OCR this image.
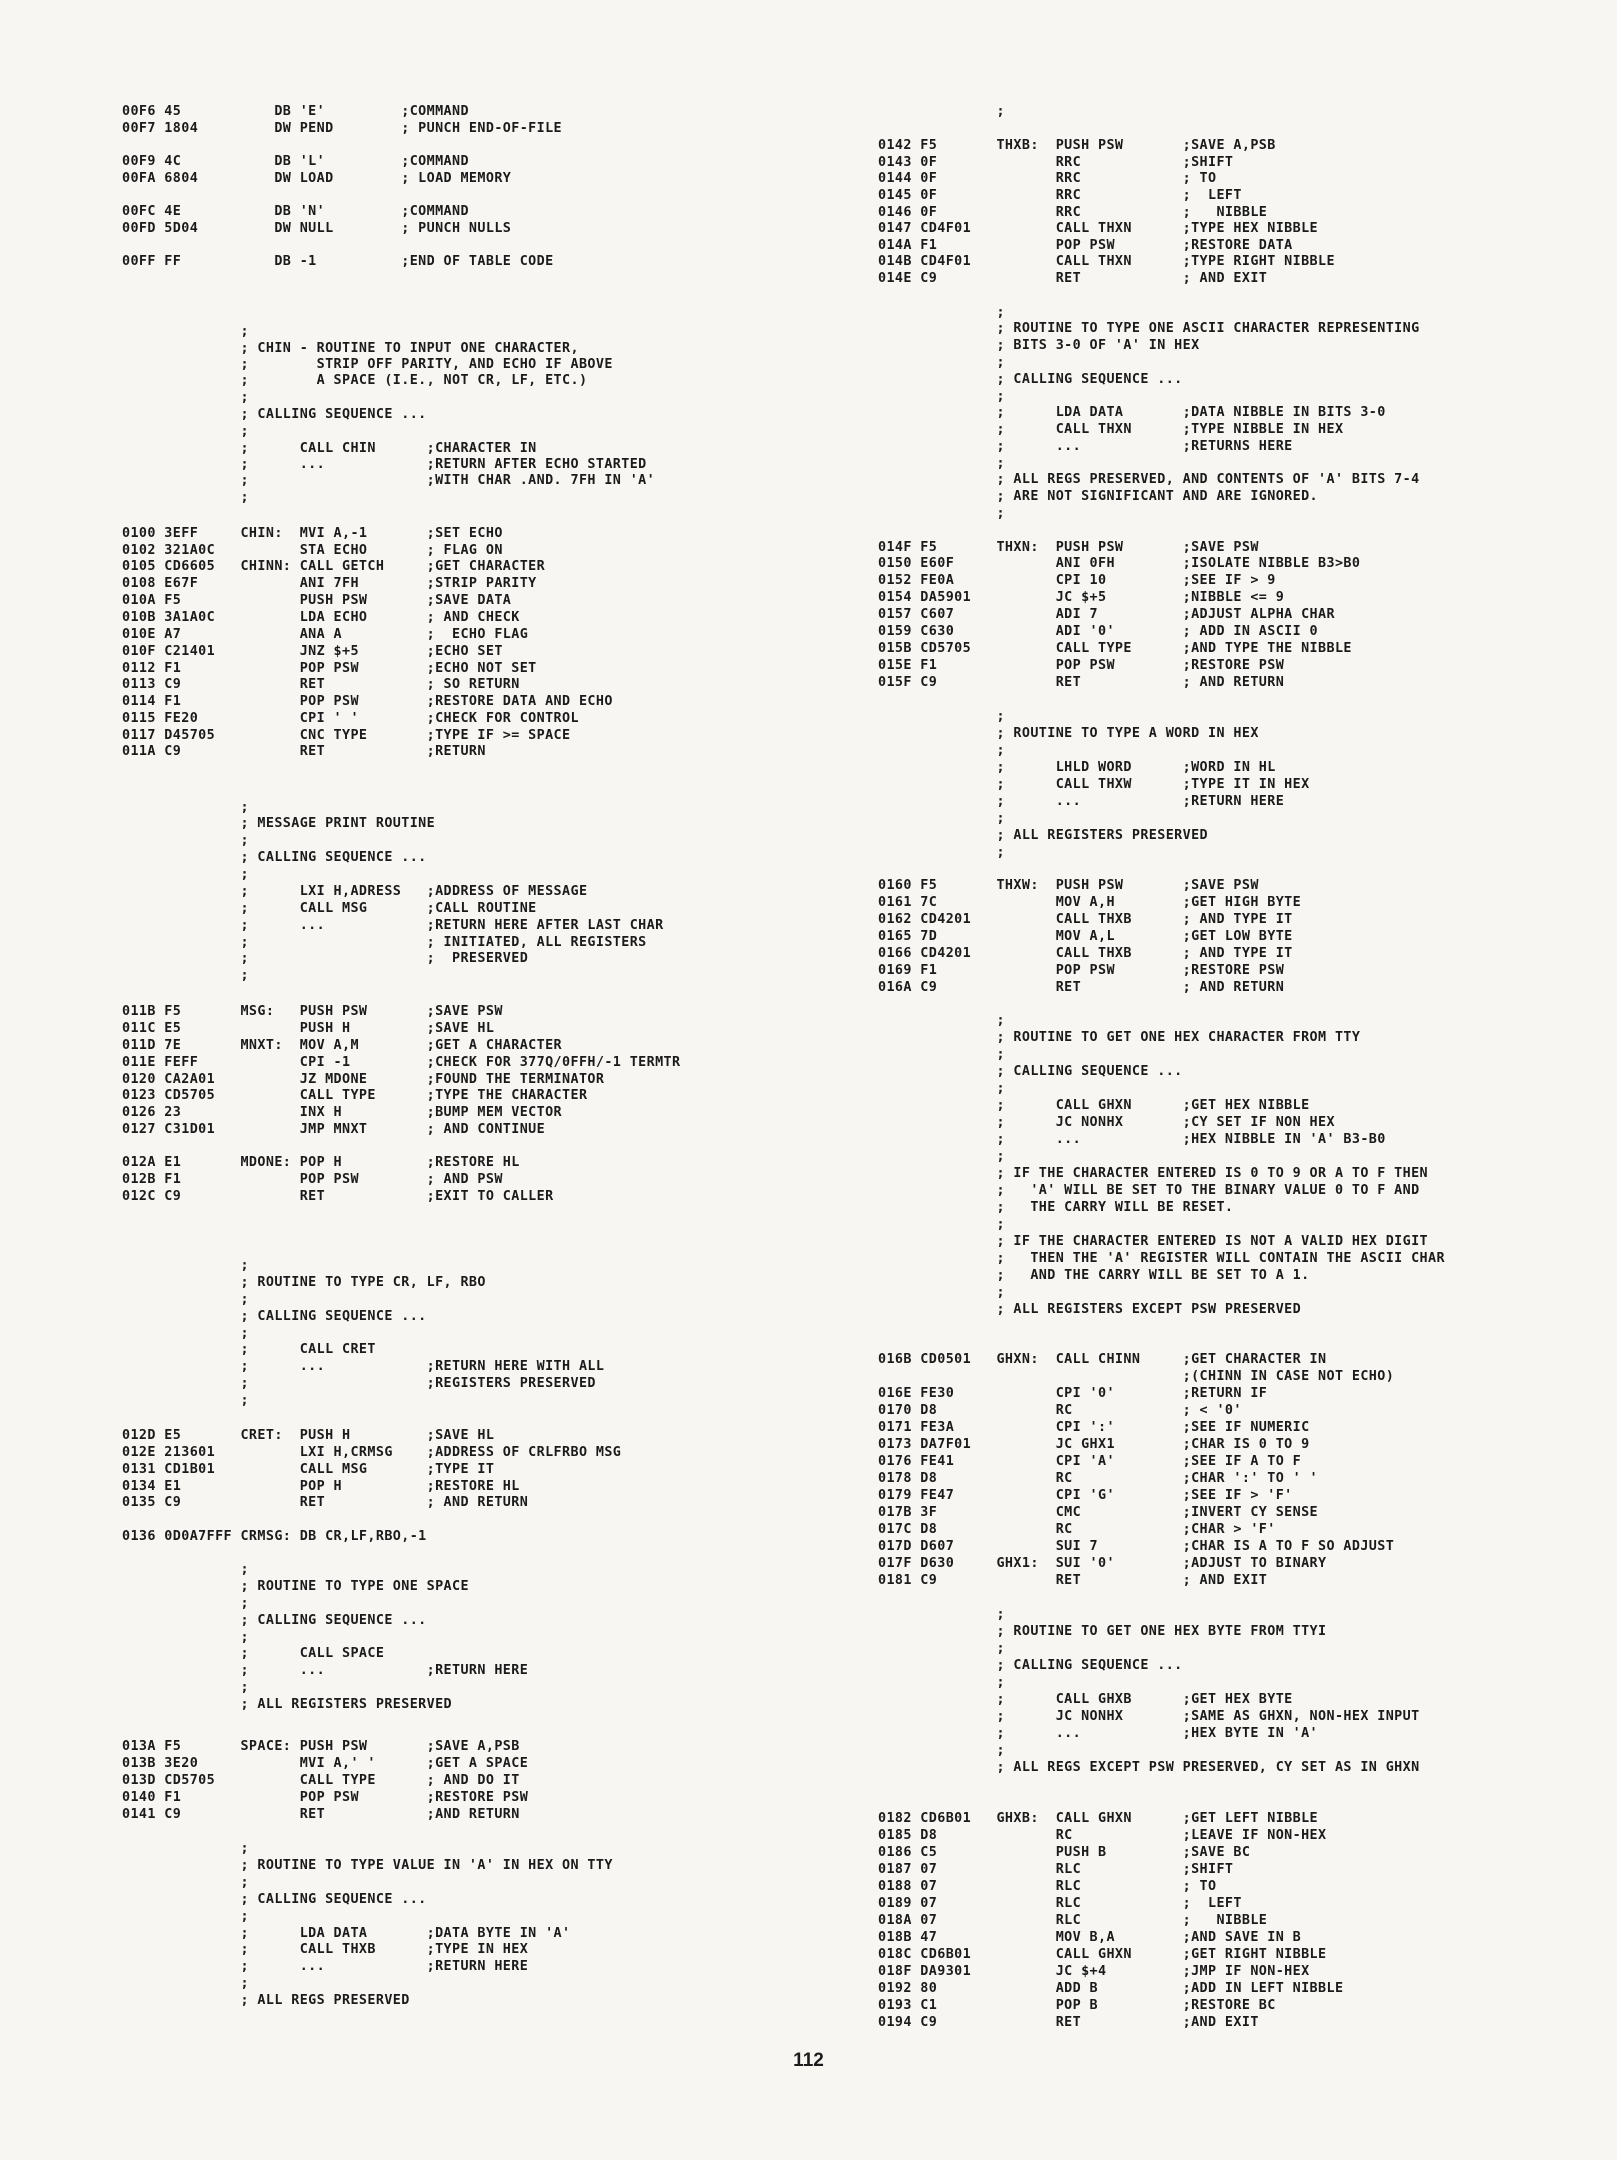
00F6 45           DB 'E'         ;COMMAND
00F7 1804         DW PEND        ; PUNCH END-OF-FILE
00F9 4C           DB 'L'         ;COMMAND
00FA 6804         DW LOAD        ; LOAD MEMORY
00FC 4E           DB 'N'         ;COMMAND
00FD 5D04         DW NULL        ; PUNCH NULLS
00FF FF           DB -1          ;END OF TABLE CODE
;
; CHIN - ROUTINE TO INPUT ONE CHARACTER,
;        STRIP OFF PARITY, AND ECHO IF ABOVE
;        A SPACE (I.E., NOT CR, LF, ETC.)
;
; CALLING SEQUENCE ...
;
;      CALL CHIN      ;CHARACTER IN
;      ...            ;RETURN AFTER ECHO STARTED
;                     ;WITH CHAR .AND. 7FH IN 'A'
;
0100 3EFF     CHIN:  MVI A,-1       ;SET ECHO
0102 321A0C          STA ECHO       ; FLAG ON
0105 CD6605   CHINN: CALL GETCH     ;GET CHARACTER
0108 E67F            ANI 7FH        ;STRIP PARITY
010A F5              PUSH PSW       ;SAVE DATA
010B 3A1A0C          LDA ECHO       ; AND CHECK
010E A7              ANA A          ;  ECHO FLAG
010F C21401          JNZ $+5        ;ECHO SET
0112 F1              POP PSW        ;ECHO NOT SET
0113 C9              RET            ; SO RETURN
0114 F1              POP PSW        ;RESTORE DATA AND ECHO
0115 FE20            CPI ' '        ;CHECK FOR CONTROL
0117 D45705          CNC TYPE       ;TYPE IF >= SPACE
011A C9              RET            ;RETURN
;
; MESSAGE PRINT ROUTINE
;
; CALLING SEQUENCE ...
;
;      LXI H,ADRESS   ;ADDRESS OF MESSAGE
;      CALL MSG       ;CALL ROUTINE
;      ...            ;RETURN HERE AFTER LAST CHAR
;                     ; INITIATED, ALL REGISTERS
;                     ;  PRESERVED
;
011B F5       MSG:   PUSH PSW       ;SAVE PSW
011C E5              PUSH H         ;SAVE HL
011D 7E       MNXT:  MOV A,M        ;GET A CHARACTER
011E FEFF            CPI -1         ;CHECK FOR 377Q/0FFH/-1 TERMTR
0120 CA2A01          JZ MDONE       ;FOUND THE TERMINATOR
0123 CD5705          CALL TYPE      ;TYPE THE CHARACTER
0126 23              INX H          ;BUMP MEM VECTOR
0127 C31D01          JMP MNXT       ; AND CONTINUE
012A E1       MDONE: POP H          ;RESTORE HL
012B F1              POP PSW        ; AND PSW
012C C9              RET            ;EXIT TO CALLER
;
; ROUTINE TO TYPE CR, LF, RBO
;
; CALLING SEQUENCE ...
;
;      CALL CRET
;      ...            ;RETURN HERE WITH ALL
;                     ;REGISTERS PRESERVED
;
012D E5       CRET:  PUSH H         ;SAVE HL
012E 213601          LXI H,CRMSG    ;ADDRESS OF CRLFRBO MSG
0131 CD1B01          CALL MSG       ;TYPE IT
0134 E1              POP H          ;RESTORE HL
0135 C9              RET            ; AND RETURN
0136 0D0A7FFF CRMSG: DB CR,LF,RBO,-1
;
; ROUTINE TO TYPE ONE SPACE
;
; CALLING SEQUENCE ...
;
;      CALL SPACE
;      ...            ;RETURN HERE
;
; ALL REGISTERS PRESERVED
013A F5       SPACE: PUSH PSW       ;SAVE A,PSB
013B 3E20            MVI A,' '      ;GET A SPACE
013D CD5705          CALL TYPE      ; AND DO IT
0140 F1              POP PSW        ;RESTORE PSW
0141 C9              RET            ;AND RETURN
;
; ROUTINE TO TYPE VALUE IN 'A' IN HEX ON TTY
;
; CALLING SEQUENCE ...
;
;      LDA DATA       ;DATA BYTE IN 'A'
;      CALL THXB      ;TYPE IN HEX
;      ...            ;RETURN HERE
;
; ALL REGS PRESERVED
;
0142 F5       THXB:  PUSH PSW       ;SAVE A,PSB
0143 0F              RRC            ;SHIFT
0144 0F              RRC            ; TO
0145 0F              RRC            ;  LEFT
0146 0F              RRC            ;   NIBBLE
0147 CD4F01          CALL THXN      ;TYPE HEX NIBBLE
014A F1              POP PSW        ;RESTORE DATA
014B CD4F01          CALL THXN      ;TYPE RIGHT NIBBLE
014E C9              RET            ; AND EXIT
;
; ROUTINE TO TYPE ONE ASCII CHARACTER REPRESENTING
; BITS 3-0 OF 'A' IN HEX
;
; CALLING SEQUENCE ...
;
;      LDA DATA       ;DATA NIBBLE IN BITS 3-0
;      CALL THXN      ;TYPE NIBBLE IN HEX
;      ...            ;RETURNS HERE
;
; ALL REGS PRESERVED, AND CONTENTS OF 'A' BITS 7-4
; ARE NOT SIGNIFICANT AND ARE IGNORED.
;
014F F5       THXN:  PUSH PSW       ;SAVE PSW
0150 E60F            ANI 0FH        ;ISOLATE NIBBLE B3>B0
0152 FE0A            CPI 10         ;SEE IF > 9
0154 DA5901          JC $+5         ;NIBBLE <= 9
0157 C607            ADI 7          ;ADJUST ALPHA CHAR
0159 C630            ADI '0'        ; ADD IN ASCII 0
015B CD5705          CALL TYPE      ;AND TYPE THE NIBBLE
015E F1              POP PSW        ;RESTORE PSW
015F C9              RET            ; AND RETURN
;
; ROUTINE TO TYPE A WORD IN HEX
;
;      LHLD WORD      ;WORD IN HL
;      CALL THXW      ;TYPE IT IN HEX
;      ...            ;RETURN HERE
;
; ALL REGISTERS PRESERVED
;
0160 F5       THXW:  PUSH PSW       ;SAVE PSW
0161 7C              MOV A,H        ;GET HIGH BYTE
0162 CD4201          CALL THXB      ; AND TYPE IT
0165 7D              MOV A,L        ;GET LOW BYTE
0166 CD4201          CALL THXB      ; AND TYPE IT
0169 F1              POP PSW        ;RESTORE PSW
016A C9              RET            ; AND RETURN
;
; ROUTINE TO GET ONE HEX CHARACTER FROM TTY
;
; CALLING SEQUENCE ...
;
;      CALL GHXN      ;GET HEX NIBBLE
;      JC NONHX       ;CY SET IF NON HEX
;      ...            ;HEX NIBBLE IN 'A' B3-B0
;
; IF THE CHARACTER ENTERED IS 0 TO 9 OR A TO F THEN
;   'A' WILL BE SET TO THE BINARY VALUE 0 TO F AND
;   THE CARRY WILL BE RESET.
;
; IF THE CHARACTER ENTERED IS NOT A VALID HEX DIGIT
;   THEN THE 'A' REGISTER WILL CONTAIN THE ASCII CHAR
;   AND THE CARRY WILL BE SET TO A 1.
;
; ALL REGISTERS EXCEPT PSW PRESERVED
016B CD0501   GHXN:  CALL CHINN     ;GET CHARACTER IN
;(CHINN IN CASE NOT ECHO)
016E FE30            CPI '0'        ;RETURN IF
0170 D8              RC             ; < '0'
0171 FE3A            CPI ':'        ;SEE IF NUMERIC
0173 DA7F01          JC GHX1        ;CHAR IS 0 TO 9
0176 FE41            CPI 'A'        ;SEE IF A TO F
0178 D8              RC             ;CHAR ':' TO ' '
0179 FE47            CPI 'G'        ;SEE IF > 'F'
017B 3F              CMC            ;INVERT CY SENSE
017C D8              RC             ;CHAR > 'F'
017D D607            SUI 7          ;CHAR IS A TO F SO ADJUST
017F D630     GHX1:  SUI '0'        ;ADJUST TO BINARY
0181 C9              RET            ; AND EXIT
;
; ROUTINE TO GET ONE HEX BYTE FROM TTYI
;
; CALLING SEQUENCE ...
;
;      CALL GHXB      ;GET HEX BYTE
;      JC NONHX       ;SAME AS GHXN, NON-HEX INPUT
;      ...            ;HEX BYTE IN 'A'
;
; ALL REGS EXCEPT PSW PRESERVED, CY SET AS IN GHXN
0182 CD6B01   GHXB:  CALL GHXN      ;GET LEFT NIBBLE
0185 D8              RC             ;LEAVE IF NON-HEX
0186 C5              PUSH B         ;SAVE BC
0187 07              RLC            ;SHIFT
0188 07              RLC            ; TO
0189 07              RLC            ;  LEFT
018A 07              RLC            ;   NIBBLE
018B 47              MOV B,A        ;AND SAVE IN B
018C CD6B01          CALL GHXN      ;GET RIGHT NIBBLE
018F DA9301          JC $+4         ;JMP IF NON-HEX
0192 80              ADD B          ;ADD IN LEFT NIBBLE
0193 C1              POP B          ;RESTORE BC
0194 C9              RET            ;AND EXIT
112
